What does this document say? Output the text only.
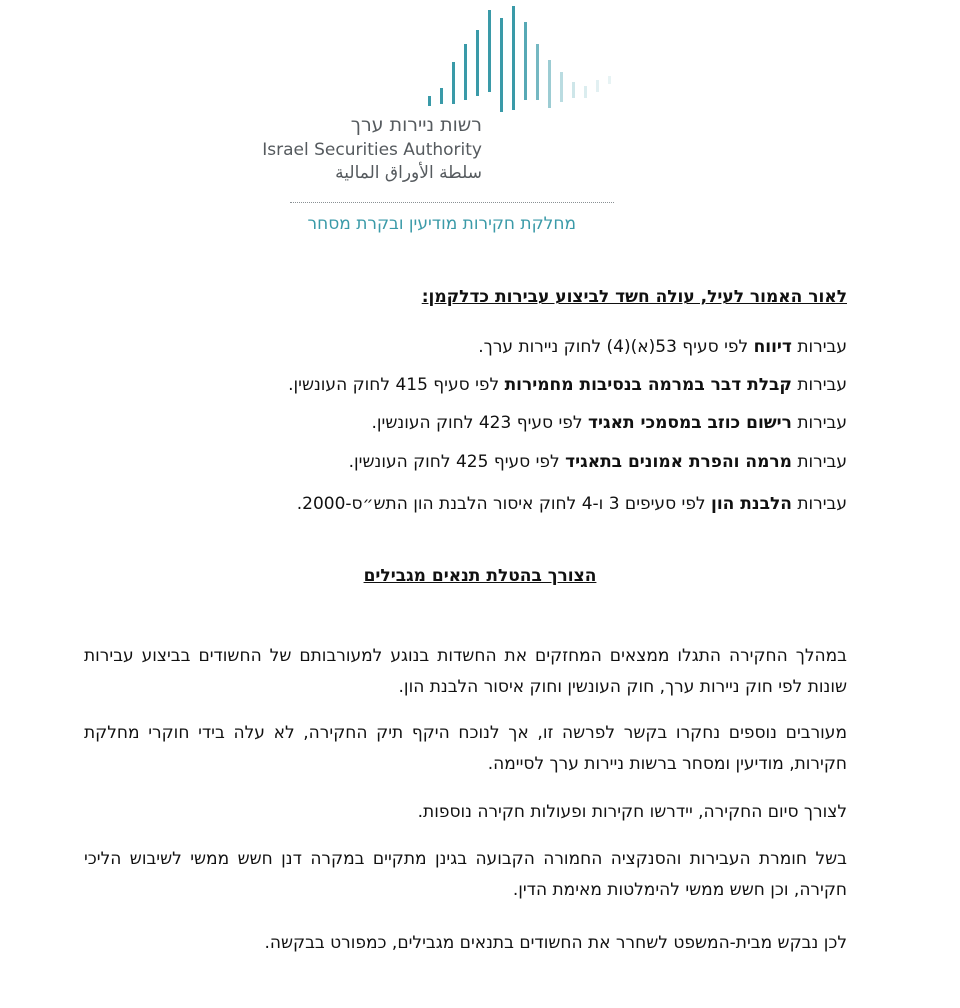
רשות ניירות ערך
Israel Securities Authority
سلطة الأوراق المالية
מחלקת חקירות מודיעין ובקרת מסחר
לאור האמור לעיל, עולה חשד לביצוע עבירות כדלקמן:
עבירות דיווח לפי סעיף 53(א)(4) לחוק ניירות ערך.
עבירות קבלת דבר במרמה בנסיבות מחמירות לפי סעיף 415 לחוק העונשין.
עבירות רישום כוזב במסמכי תאגיד לפי סעיף 423 לחוק העונשין.
עבירות מרמה והפרת אמונים בתאגיד לפי סעיף 425 לחוק העונשין.
עבירות הלבנת הון לפי סעיפים 3 ו-4 לחוק איסור הלבנת הון התש״ס-2000.
הצורך בהטלת תנאים מגבילים
במהלך החקירה התגלו ממצאים המחזקים את החשדות בנוגע למעורבותם של החשודים בביצוע עבירות שונות לפי חוק ניירות ערך, חוק העונשין וחוק איסור הלבנת הון.
מעורבים נוספים נחקרו בקשר לפרשה זו, אך לנוכח היקף תיק החקירה, לא עלה בידי חוקרי מחלקת חקירות, מודיעין ומסחר ברשות ניירות ערך לסיימה.
לצורך סיום החקירה, יידרשו חקירות ופעולות חקירה נוספות.
בשל חומרת העבירות והסנקציה החמורה הקבועה בגינן מתקיים במקרה דנן חשש ממשי לשיבוש הליכי חקירה, וכן חשש ממשי להימלטות מאימת הדין.
לכן נבקש מבית-המשפט לשחרר את החשודים בתנאים מגבילים, כמפורט בבקשה.
